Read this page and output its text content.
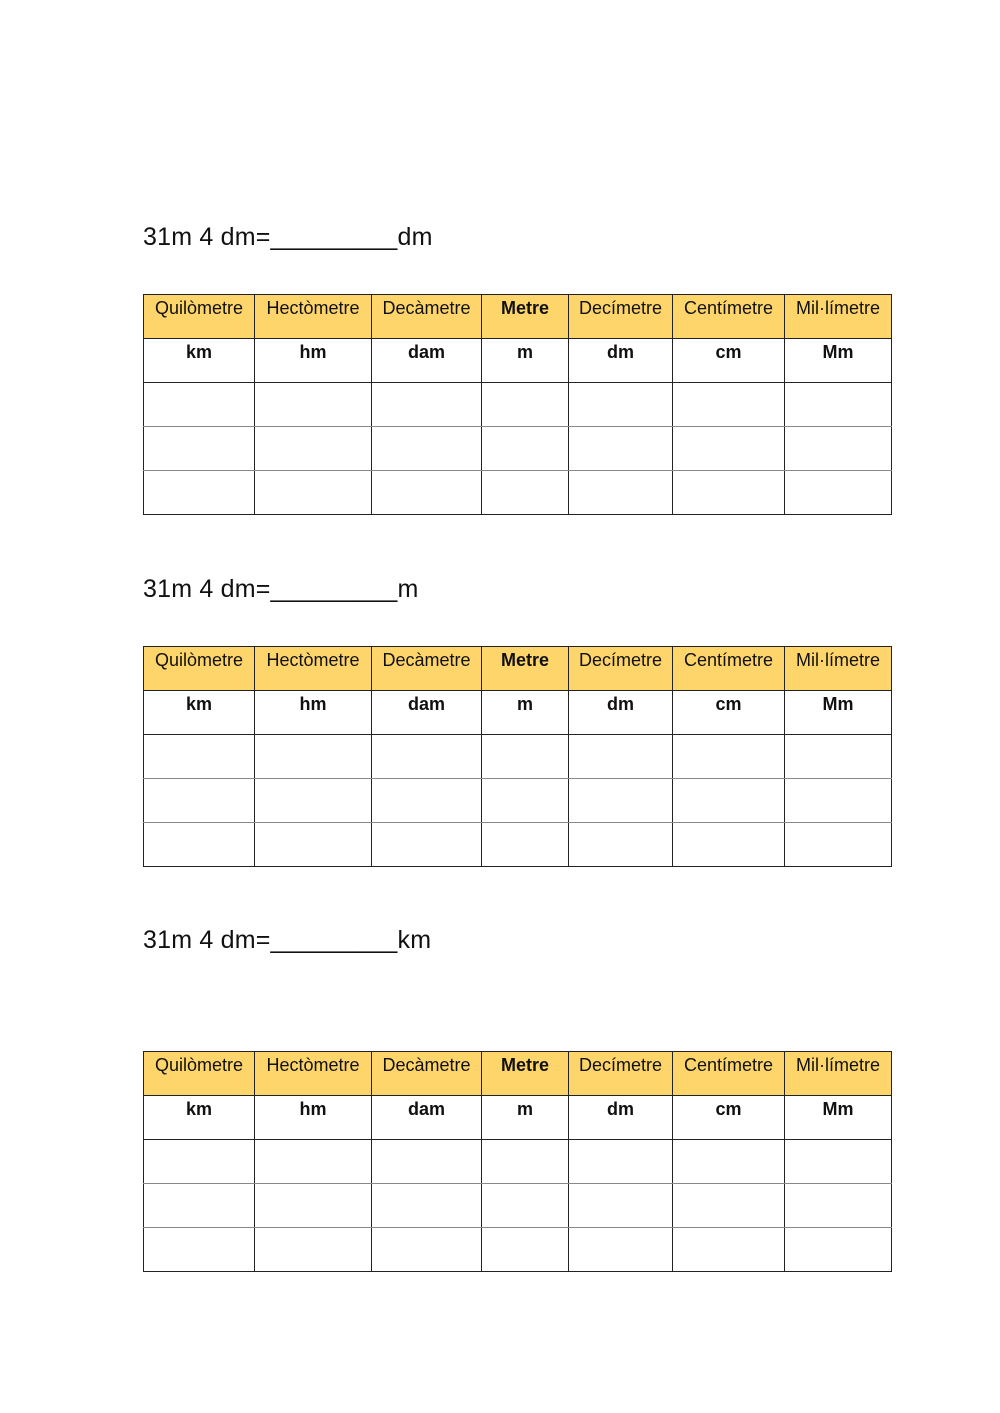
31m 4 dm=_________dm
Quilòmetre	Hectòmetre	Decàmetre	Metre	Decímetre	Centímetre	Mil·límetre
km	hm	dam	m	dm	cm	Mm

31m 4 dm=_________m
Quilòmetre	Hectòmetre	Decàmetre	Metre	Decímetre	Centímetre	Mil·límetre
km	hm	dam	m	dm	cm	Mm

31m 4 dm=_________km
Quilòmetre	Hectòmetre	Decàmetre	Metre	Decímetre	Centímetre	Mil·límetre
km	hm	dam	m	dm	cm	Mm
